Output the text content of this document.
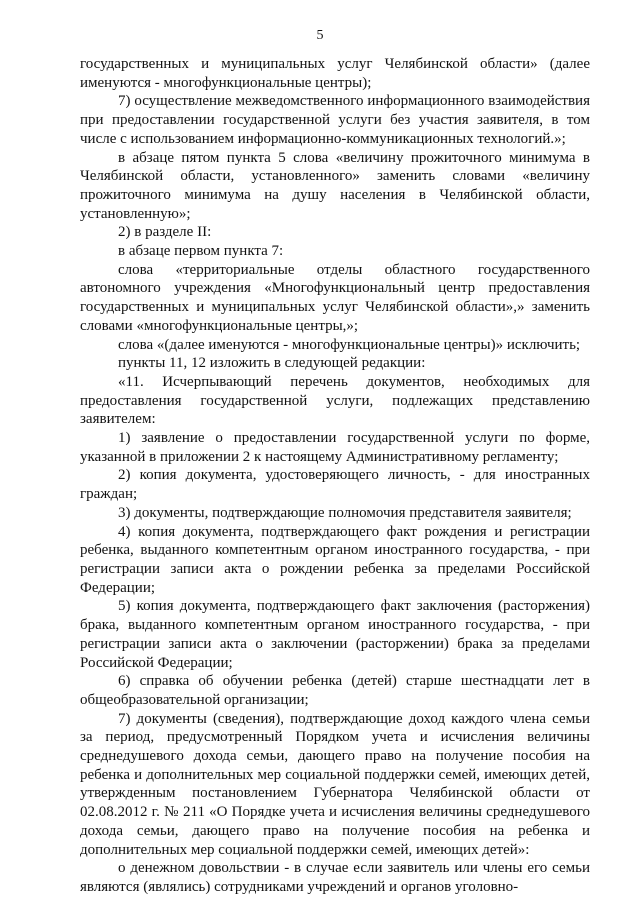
5

государственных и муниципальных услуг Челябинской области» (далее именуются - многофункциональные центры);

7) осуществление межведомственного информационного взаимодействия при предоставлении государственной услуги без участия заявителя, в том числе с использованием информационно-коммуникационных технологий.»;

в абзаце пятом пункта 5 слова «величину прожиточного минимума в Челябинской области, установленного» заменить словами «величину прожиточного минимума на душу населения в Челябинской области, установленную»;

2) в разделе II:

в абзаце первом пункта 7:

слова «территориальные отделы областного государственного автономного учреждения «Многофункциональный центр предоставления государственных и муниципальных услуг Челябинской области»,» заменить словами «многофункциональные центры,»;

слова «(далее именуются - многофункциональные центры)» исключить;

пункты 11, 12 изложить в следующей редакции:

«11. Исчерпывающий перечень документов, необходимых для предоставления государственной услуги, подлежащих представлению заявителем:

1) заявление о предоставлении государственной услуги по форме, указанной в приложении 2 к настоящему Административному регламенту;

2) копия документа, удостоверяющего личность, - для иностранных граждан;

3) документы, подтверждающие полномочия представителя заявителя;

4) копия документа, подтверждающего факт рождения и регистрации ребенка, выданного компетентным органом иностранного государства, - при регистрации записи акта о рождении ребенка за пределами Российской Федерации;

5) копия документа, подтверждающего факт заключения (расторжения) брака, выданного компетентным органом иностранного государства, - при регистрации записи акта о заключении (расторжении) брака за пределами Российской Федерации;

6) справка об обучении ребенка (детей) старше шестнадцати лет в общеобразовательной организации;

7) документы (сведения), подтверждающие доход каждого члена семьи за период, предусмотренный Порядком учета и исчисления величины среднедушевого дохода семьи, дающего право на получение пособия на ребенка и дополнительных мер социальной поддержки семей, имеющих детей, утвержденным постановлением Губернатора Челябинской области от 02.08.2012 г. № 211 «О Порядке учета и исчисления величины среднедушевого дохода семьи, дающего право на получение пособия на ребенка и дополнительных мер социальной поддержки семей, имеющих детей»:

о денежном довольствии - в случае если заявитель или члены его семьи являются (являлись) сотрудниками учреждений и органов уголовно-
